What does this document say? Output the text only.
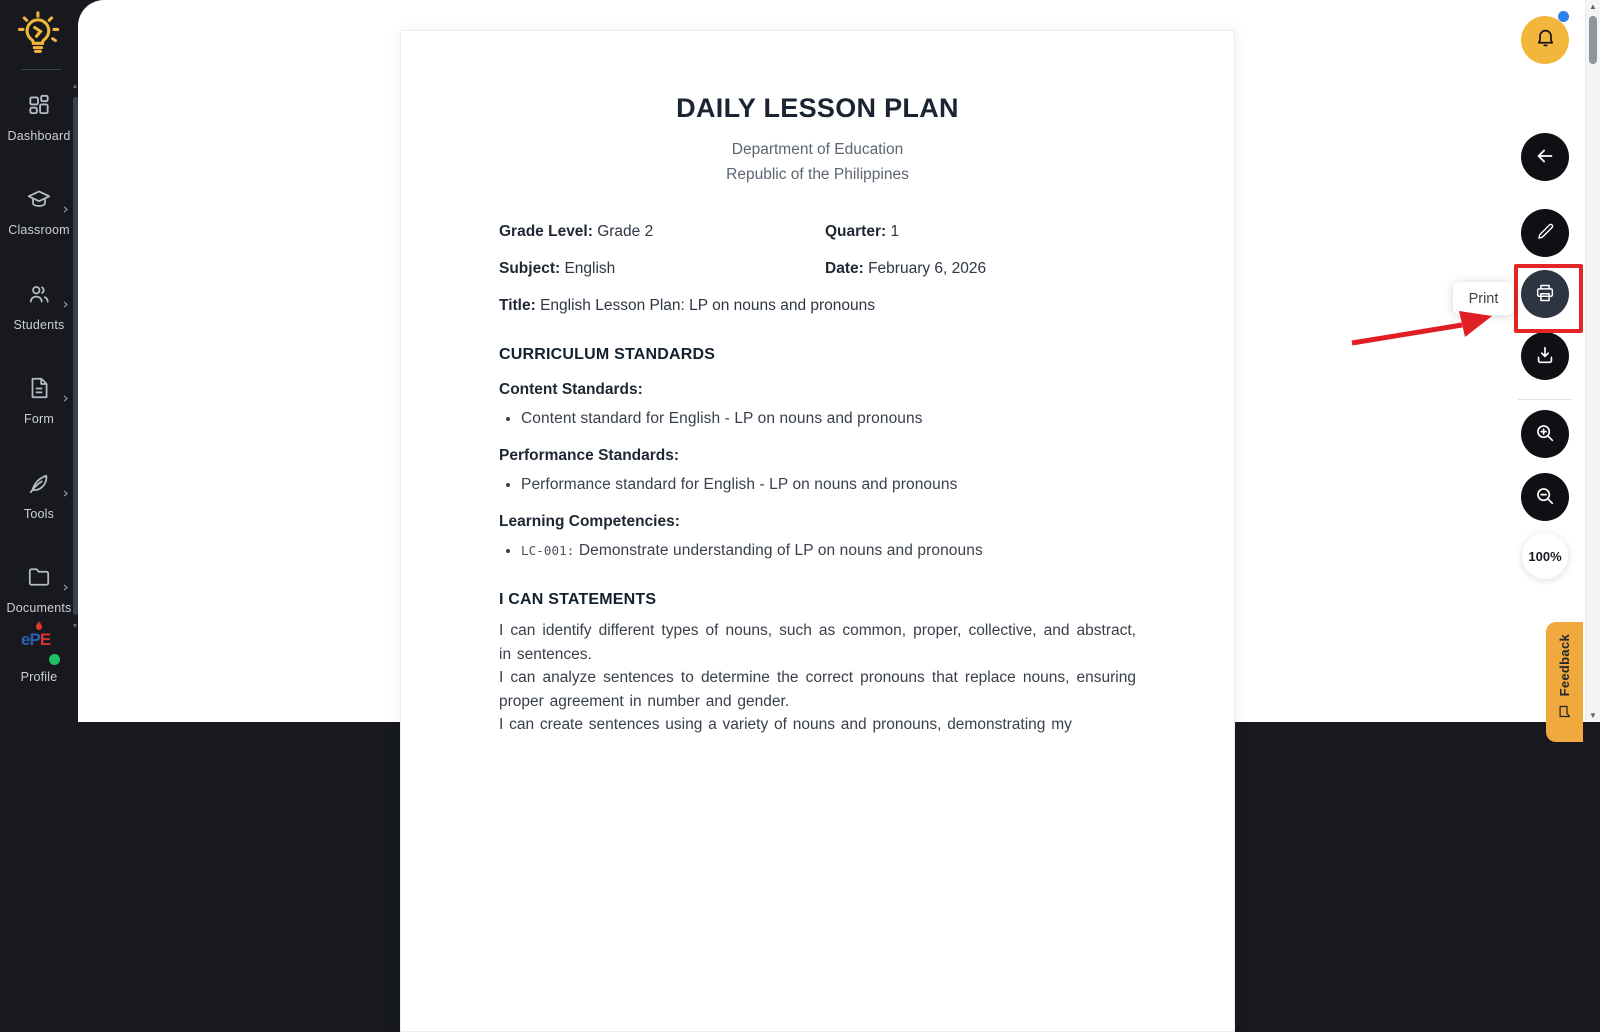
Dashboard
Classroom
Students
Form
Tools
Documents
ePE
Profile
▲
▼
DAILY LESSON PLAN
Department of Education
Republic of the Philippines
Grade Level: Grade 2	Quarter: 1
Subject: English	Date: February 6, 2026
Title: English Lesson Plan: LP on nouns and pronouns
CURRICULUM STANDARDS
Content Standards:
• Content standard for English - LP on nouns and pronouns
Performance Standards:
• Performance standard for English - LP on nouns and pronouns
Learning Competencies:
• LC-001: Demonstrate understanding of LP on nouns and pronouns
I CAN STATEMENTS

I can identify different types of nouns, such as common, proper, collective, and abstract, in sentences.

I can analyze sentences to determine the correct pronouns that replace nouns, ensuring proper agreement in number and gender.

I can create sentences using a variety of nouns and pronouns, demonstrating my

Print
100%
Feedback
▲
▼
